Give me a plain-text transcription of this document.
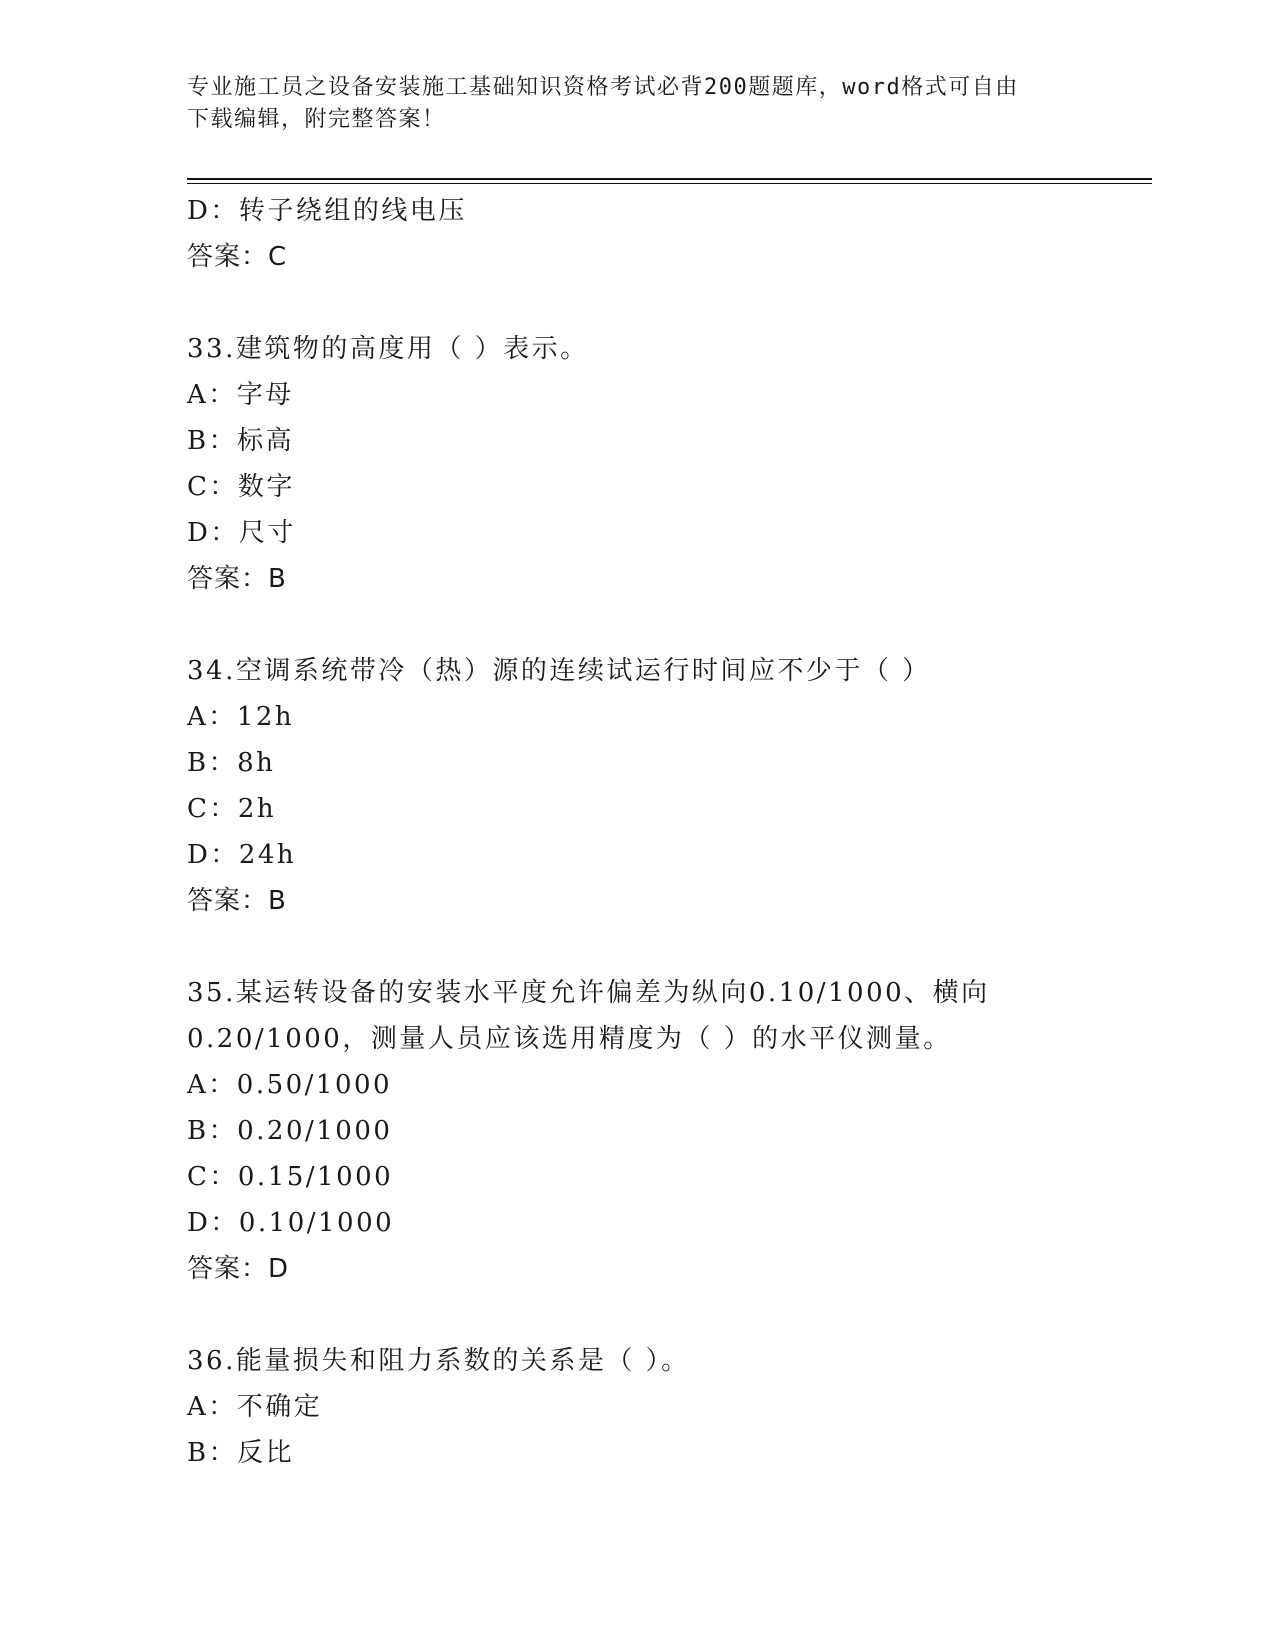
专业施工员之设备安装施工基础知识资格考试必背200题题库，word格式可自由
下载编辑，附完整答案！
D：转子绕组的线电压
答案：C
33.建筑物的高度用（ ）表示。
A：字母
B：标高
C：数字
D：尺寸
答案：B
34.空调系统带冷（热）源的连续试运行时间应不少于（ ）
A：12h
B：8h
C：2h
D：24h
答案：B
35.某运转设备的安装水平度允许偏差为纵向0.10/1000、横向
0.20/1000，测量人员应该选用精度为（ ）的水平仪测量。
A：0.50/1000
B：0.20/1000
C：0.15/1000
D：0.10/1000
答案：D
36.能量损失和阻力系数的关系是（ ）。
A：不确定
B：反比
